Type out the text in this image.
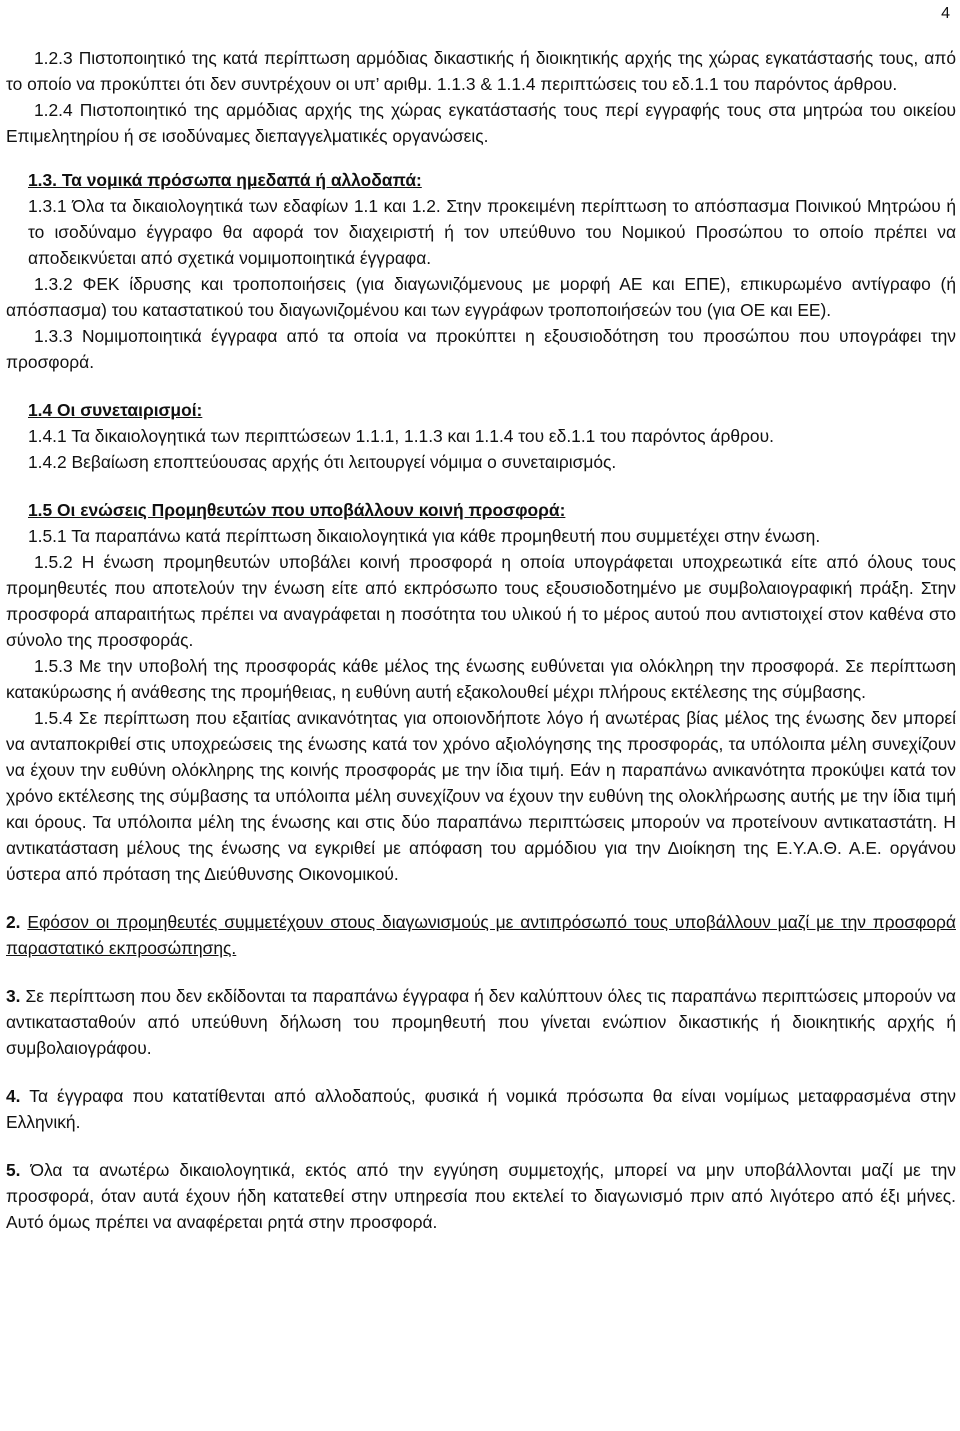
4

1.2.3 Πιστοποιητικό της κατά περίπτωση αρμόδιας δικαστικής ή διοικητικής αρχής της χώρας εγκατάστασής τους, από το οποίο να προκύπτει ότι δεν συντρέχουν οι υπ’ αριθμ. 1.1.3 & 1.1.4 περιπτώσεις του εδ.1.1 του παρόντος άρθρου.

1.2.4 Πιστοποιητικό της αρμόδιας αρχής της χώρας εγκατάστασής τους περί εγγραφής τους στα μητρώα του οικείου Επιμελητηρίου ή σε ισοδύναμες διεπαγγελματικές οργανώσεις.

1.3. Τα νομικά πρόσωπα ημεδαπά ή αλλοδαπά:

1.3.1 Όλα τα δικαιολογητικά των εδαφίων 1.1 και 1.2. Στην προκειμένη περίπτωση το απόσπασμα Ποινικού Μητρώου ή το ισοδύναμο έγγραφο θα αφορά τον διαχειριστή ή τον υπεύθυνο του Νομικού Προσώπου το οποίο πρέπει να αποδεικνύεται από σχετικά νομιμοποιητικά έγγραφα.

1.3.2 ΦΕΚ ίδρυσης και τροποποιήσεις (για διαγωνιζόμενους με μορφή ΑΕ και ΕΠΕ), επικυρωμένο αντίγραφο (ή απόσπασμα) του καταστατικού του διαγωνιζομένου και των εγγράφων τροποποιήσεών του (για ΟΕ και ΕΕ).

1.3.3 Νομιμοποιητικά έγγραφα από τα οποία να προκύπτει η εξουσιοδότηση του προσώπου που υπογράφει την προσφορά.

1.4 Οι συνεταιρισμοί:

1.4.1 Τα δικαιολογητικά των περιπτώσεων 1.1.1, 1.1.3 και 1.1.4 του εδ.1.1 του παρόντος άρθρου.

1.4.2 Βεβαίωση εποπτεύουσας αρχής ότι λειτουργεί νόμιμα ο συνεταιρισμός.

1.5 Οι ενώσεις Προμηθευτών που υποβάλλουν κοινή προσφορά:

1.5.1 Τα παραπάνω κατά περίπτωση δικαιολογητικά για κάθε προμηθευτή που συμμετέχει στην ένωση.

1.5.2 Η ένωση προμηθευτών υποβάλει κοινή προσφορά η οποία υπογράφεται υποχρεωτικά είτε από όλους τους προμηθευτές που αποτελούν την ένωση είτε από εκπρόσωπο τους εξουσιοδοτημένο με συμβολαιογραφική πράξη. Στην προσφορά απαραιτήτως πρέπει να αναγράφεται η ποσότητα του υλικού ή το μέρος αυτού που αντιστοιχεί στον καθένα στο σύνολο της προσφοράς.

1.5.3 Με την υποβολή της προσφοράς κάθε μέλος της ένωσης ευθύνεται για ολόκληρη την προσφορά. Σε περίπτωση κατακύρωσης ή ανάθεσης της προμήθειας, η ευθύνη αυτή εξακολουθεί μέχρι πλήρους εκτέλεσης της σύμβασης.

1.5.4 Σε περίπτωση που εξαιτίας ανικανότητας για οποιονδήποτε λόγο ή ανωτέρας βίας μέλος της ένωσης δεν μπορεί να ανταποκριθεί στις υποχρεώσεις της ένωσης κατά τον χρόνο αξιολόγησης της προσφοράς, τα υπόλοιπα μέλη συνεχίζουν να έχουν την ευθύνη ολόκληρης της κοινής προσφοράς με την ίδια τιμή. Εάν η παραπάνω ανικανότητα προκύψει κατά τον χρόνο εκτέλεσης της σύμβασης τα υπόλοιπα μέλη συνεχίζουν να έχουν την ευθύνη της ολοκλήρωσης αυτής με την ίδια τιμή και όρους. Τα υπόλοιπα μέλη της ένωσης και στις δύο παραπάνω περιπτώσεις μπορούν να προτείνουν αντικαταστάτη. Η αντικατάσταση μέλους της ένωσης να εγκριθεί με απόφαση του αρμόδιου για την Διοίκηση της Ε.Υ.Α.Θ. Α.Ε. οργάνου ύστερα από πρόταση της Διεύθυνσης Οικονομικού.

2. Εφόσον οι προμηθευτές συμμετέχουν στους διαγωνισμούς με αντιπρόσωπό τους υποβάλλουν μαζί με την προσφορά παραστατικό εκπροσώπησης.

3. Σε περίπτωση που δεν εκδίδονται τα παραπάνω έγγραφα ή δεν καλύπτουν όλες τις παραπάνω περιπτώσεις μπορούν να αντικατασταθούν από υπεύθυνη δήλωση του προμηθευτή που γίνεται ενώπιον δικαστικής ή διοικητικής αρχής ή συμβολαιογράφου.

4. Τα έγγραφα που κατατίθενται από αλλοδαπούς, φυσικά ή νομικά πρόσωπα θα είναι νομίμως μεταφρασμένα στην Ελληνική.

5. Όλα τα ανωτέρω δικαιολογητικά, εκτός από την εγγύηση συμμετοχής, μπορεί να μην υποβάλλονται μαζί με την προσφορά, όταν αυτά έχουν ήδη κατατεθεί στην υπηρεσία που εκτελεί το διαγωνισμό πριν από λιγότερο από έξι μήνες. Αυτό όμως πρέπει να αναφέρεται ρητά στην προσφορά.
